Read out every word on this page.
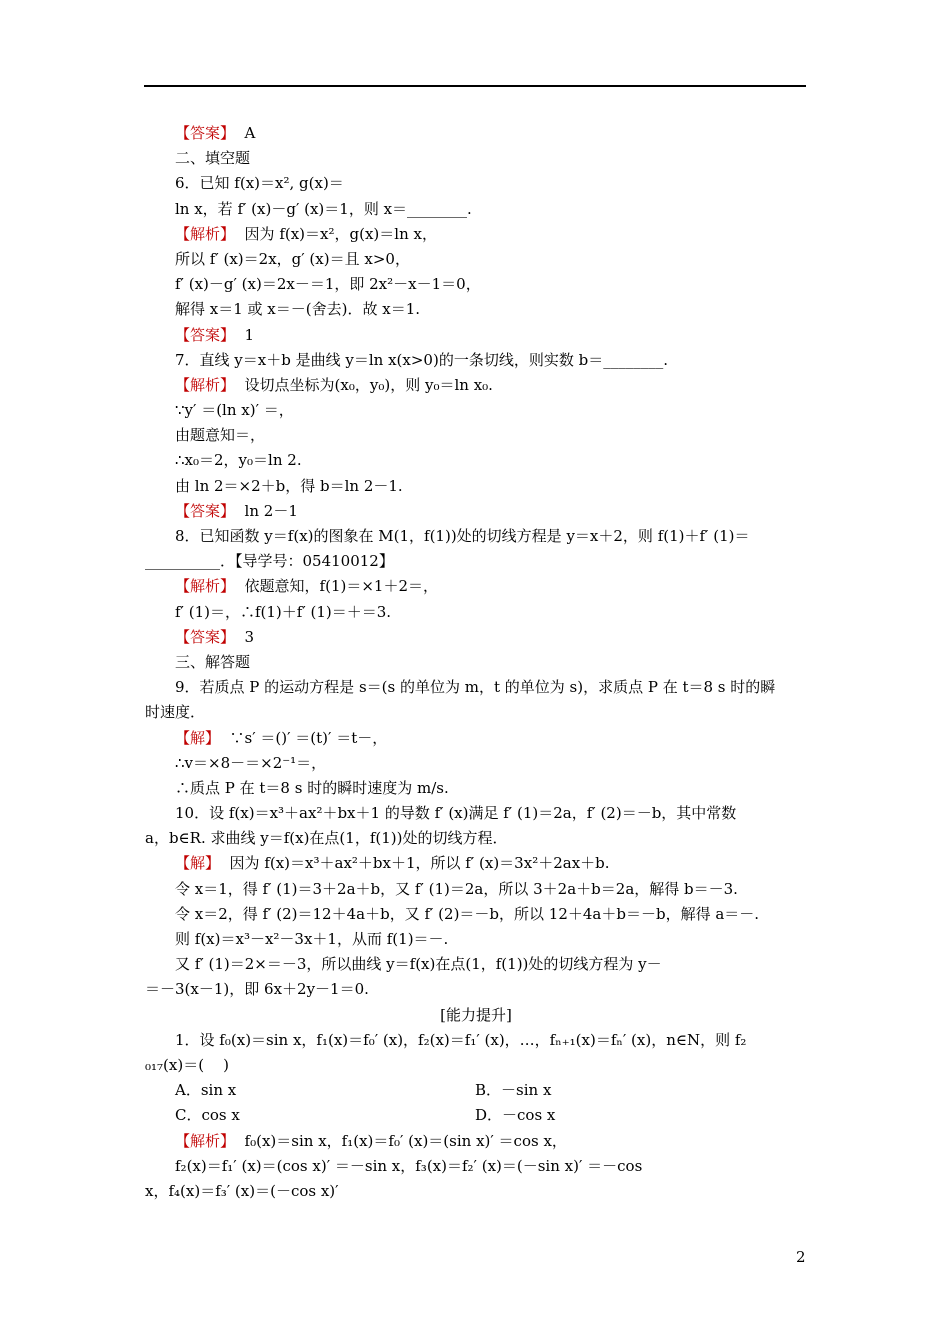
【答案】  A
二、填空题
6．已知 f(x)＝x², g(x)＝
ln x，若 f′ (x)－g′ (x)＝1，则 x＝________.
【解析】  因为 f(x)＝x²，g(x)＝ln x，
所以 f′ (x)＝2x，g′ (x)＝且 x>0，
f′ (x)－g′ (x)＝2x－＝1，即 2x²－x－1＝0，
解得 x＝1 或 x＝－(舍去)．故 x＝1.
【答案】  1
7．直线 y＝x＋b 是曲线 y＝ln x(x>0)的一条切线，则实数 b＝________.
【解析】  设切点坐标为(x₀，y₀)，则 y₀＝ln x₀.
∵y′ ＝(ln x)′ ＝，
由题意知＝，
∴x₀＝2，y₀＝ln 2.
由 ln 2＝×2＋b，得 b＝ln 2－1.
【答案】  ln 2－1
8．已知函数 y＝f(x)的图象在 M(1，f(1))处的切线方程是 y＝x＋2，则 f(1)＋f′ (1)＝
__________．【导学号：05410012】
【解析】  依题意知，f(1)＝×1＋2＝，
f′ (1)＝，∴f(1)＋f′ (1)＝＋＝3.
【答案】  3
三、解答题
9．若质点 P 的运动方程是 s＝(s 的单位为 m，t 的单位为 s)，求质点 P 在 t＝8 s 时的瞬
时速度．
【解】  ∵s′ ＝()′ ＝(t)′ ＝t－，
∴v＝×8－＝×2⁻¹＝，
∴质点 P 在 t＝8 s 时的瞬时速度为 m/s.
10．设 f(x)＝x³＋ax²＋bx＋1 的导数 f′ (x)满足 f′ (1)＝2a，f′ (2)＝－b，其中常数
a，b∈R. 求曲线 y＝f(x)在点(1，f(1))处的切线方程．
【解】  因为 f(x)＝x³＋ax²＋bx＋1，所以 f′ (x)＝3x²＋2ax＋b.
令 x＝1，得 f′ (1)＝3＋2a＋b，又 f′ (1)＝2a，所以 3＋2a＋b＝2a，解得 b＝－3.
令 x＝2，得 f′ (2)＝12＋4a＋b，又 f′ (2)＝－b，所以 12＋4a＋b＝－b，解得 a＝－.
则 f(x)＝x³－x²－3x＋1，从而 f(1)＝－.
又 f′ (1)＝2×＝－3，所以曲线 y＝f(x)在点(1，f(1))处的切线方程为 y－
＝－3(x－1)，即 6x＋2y－1＝0.
[能力提升]
1．设 f₀(x)＝sin x，f₁(x)＝f₀′ (x)，f₂(x)＝f₁′ (x)，…，fₙ₊₁(x)＝fₙ′ (x)，n∈N，则 f₂
₀₁₇(x)＝(    )
A．sin x	B．－sin x
C．cos x	D．－cos x
【解析】  f₀(x)＝sin x，f₁(x)＝f₀′ (x)＝(sin x)′ ＝cos x，
f₂(x)＝f₁′ (x)＝(cos x)′ ＝－sin x，f₃(x)＝f₂′ (x)＝(－sin x)′ ＝－cos
x，f₄(x)＝f₃′ (x)＝(－cos x)′
2
